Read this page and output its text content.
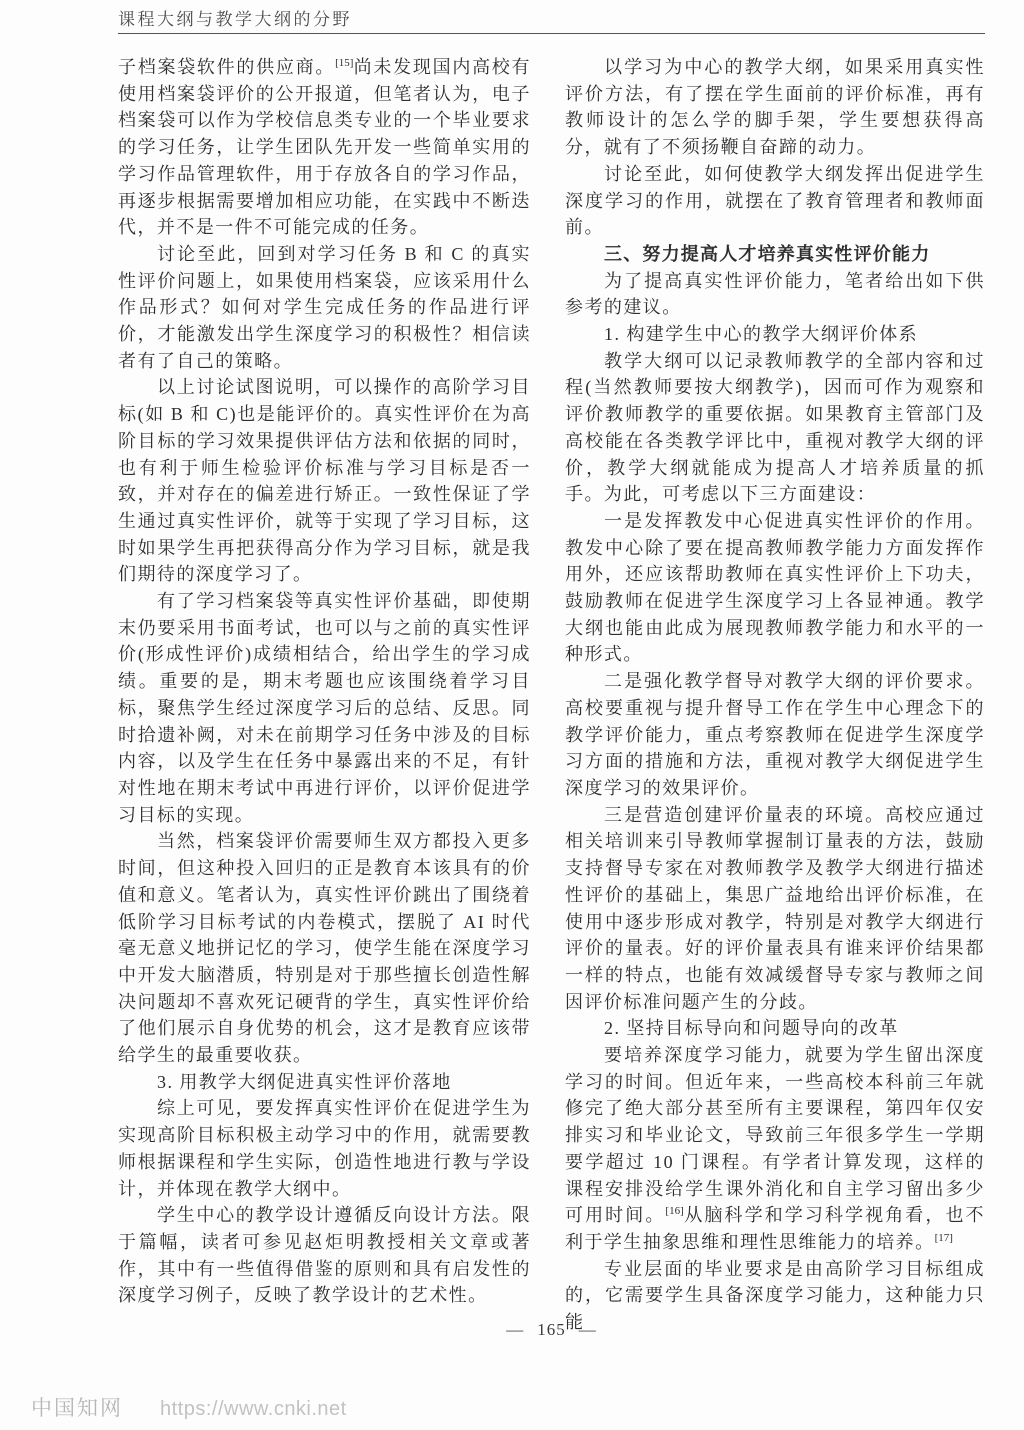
课程大纲与教学大纲的分野

子档案袋软件的供应商。[15]尚未发现国内高校有使用档案袋评价的公开报道，但笔者认为，电子档案袋可以作为学校信息类专业的一个毕业要求的学习任务，让学生团队先开发一些简单实用的学习作品管理软件，用于存放各自的学习作品，再逐步根据需要增加相应功能，在实践中不断迭代，并不是一件不可能完成的任务。

讨论至此，回到对学习任务 B 和 C 的真实性评价问题上，如果使用档案袋，应该采用什么作品形式？如何对学生完成任务的作品进行评价，才能激发出学生深度学习的积极性？相信读者有了自己的策略。

以上讨论试图说明，可以操作的高阶学习目标(如 B 和 C)也是能评价的。真实性评价在为高阶目标的学习效果提供评估方法和依据的同时，也有利于师生检验评价标准与学习目标是否一致，并对存在的偏差进行矫正。一致性保证了学生通过真实性评价，就等于实现了学习目标，这时如果学生再把获得高分作为学习目标，就是我们期待的深度学习了。

有了学习档案袋等真实性评价基础，即使期末仍要采用书面考试，也可以与之前的真实性评价(形成性评价)成绩相结合，给出学生的学习成绩。重要的是，期末考题也应该围绕着学习目标，聚焦学生经过深度学习后的总结、反思。同时拾遗补阙，对未在前期学习任务中涉及的目标内容，以及学生在任务中暴露出来的不足，有针对性地在期末考试中再进行评价，以评价促进学习目标的实现。

当然，档案袋评价需要师生双方都投入更多时间，但这种投入回归的正是教育本该具有的价值和意义。笔者认为，真实性评价跳出了围绕着低阶学习目标考试的内卷模式，摆脱了 AI 时代毫无意义地拼记忆的学习，使学生能在深度学习中开发大脑潜质，特别是对于那些擅长创造性解决问题却不喜欢死记硬背的学生，真实性评价给了他们展示自身优势的机会，这才是教育应该带给学生的最重要收获。

3. 用教学大纲促进真实性评价落地

综上可见，要发挥真实性评价在促进学生为实现高阶目标积极主动学习中的作用，就需要教师根据课程和学生实际，创造性地进行教与学设计，并体现在教学大纲中。

学生中心的教学设计遵循反向设计方法。限于篇幅，读者可参见赵炬明教授相关文章或著作，其中有一些值得借鉴的原则和具有启发性的深度学习例子，反映了教学设计的艺术性。

以学习为中心的教学大纲，如果采用真实性评价方法，有了摆在学生面前的评价标准，再有教师设计的怎么学的脚手架，学生要想获得高分，就有了不须扬鞭自奋蹄的动力。

讨论至此，如何使教学大纲发挥出促进学生深度学习的作用，就摆在了教育管理者和教师面前。

三、努力提高人才培养真实性评价能力

为了提高真实性评价能力，笔者给出如下供参考的建议。

1. 构建学生中心的教学大纲评价体系

教学大纲可以记录教师教学的全部内容和过程(当然教师要按大纲教学)，因而可作为观察和评价教师教学的重要依据。如果教育主管部门及高校能在各类教学评比中，重视对教学大纲的评价，教学大纲就能成为提高人才培养质量的抓手。为此，可考虑以下三方面建设：

一是发挥教发中心促进真实性评价的作用。教发中心除了要在提高教师教学能力方面发挥作用外，还应该帮助教师在真实性评价上下功夫，鼓励教师在促进学生深度学习上各显神通。教学大纲也能由此成为展现教师教学能力和水平的一种形式。

二是强化教学督导对教学大纲的评价要求。高校要重视与提升督导工作在学生中心理念下的教学评价能力，重点考察教师在促进学生深度学习方面的措施和方法，重视对教学大纲促进学生深度学习的效果评价。

三是营造创建评价量表的环境。高校应通过相关培训来引导教师掌握制订量表的方法，鼓励支持督导专家在对教师教学及教学大纲进行描述性评价的基础上，集思广益地给出评价标准，在使用中逐步形成对教学，特别是对教学大纲进行评价的量表。好的评价量表具有谁来评价结果都一样的特点，也能有效减缓督导专家与教师之间因评价标准问题产生的分歧。

2. 坚持目标导向和问题导向的改革

要培养深度学习能力，就要为学生留出深度学习的时间。但近年来，一些高校本科前三年就修完了绝大部分甚至所有主要课程，第四年仅安排实习和毕业论文，导致前三年很多学生一学期要学超过 10 门课程。有学者计算发现，这样的课程安排没给学生课外消化和自主学习留出多少可用时间。[16]从脑科学和学习科学视角看，也不利于学生抽象思维和理性思维能力的培养。[17]

专业层面的毕业要求是由高阶学习目标组成的，它需要学生具备深度学习能力，这种能力只能

— 165 —
中国知网 https://www.cnki.net
